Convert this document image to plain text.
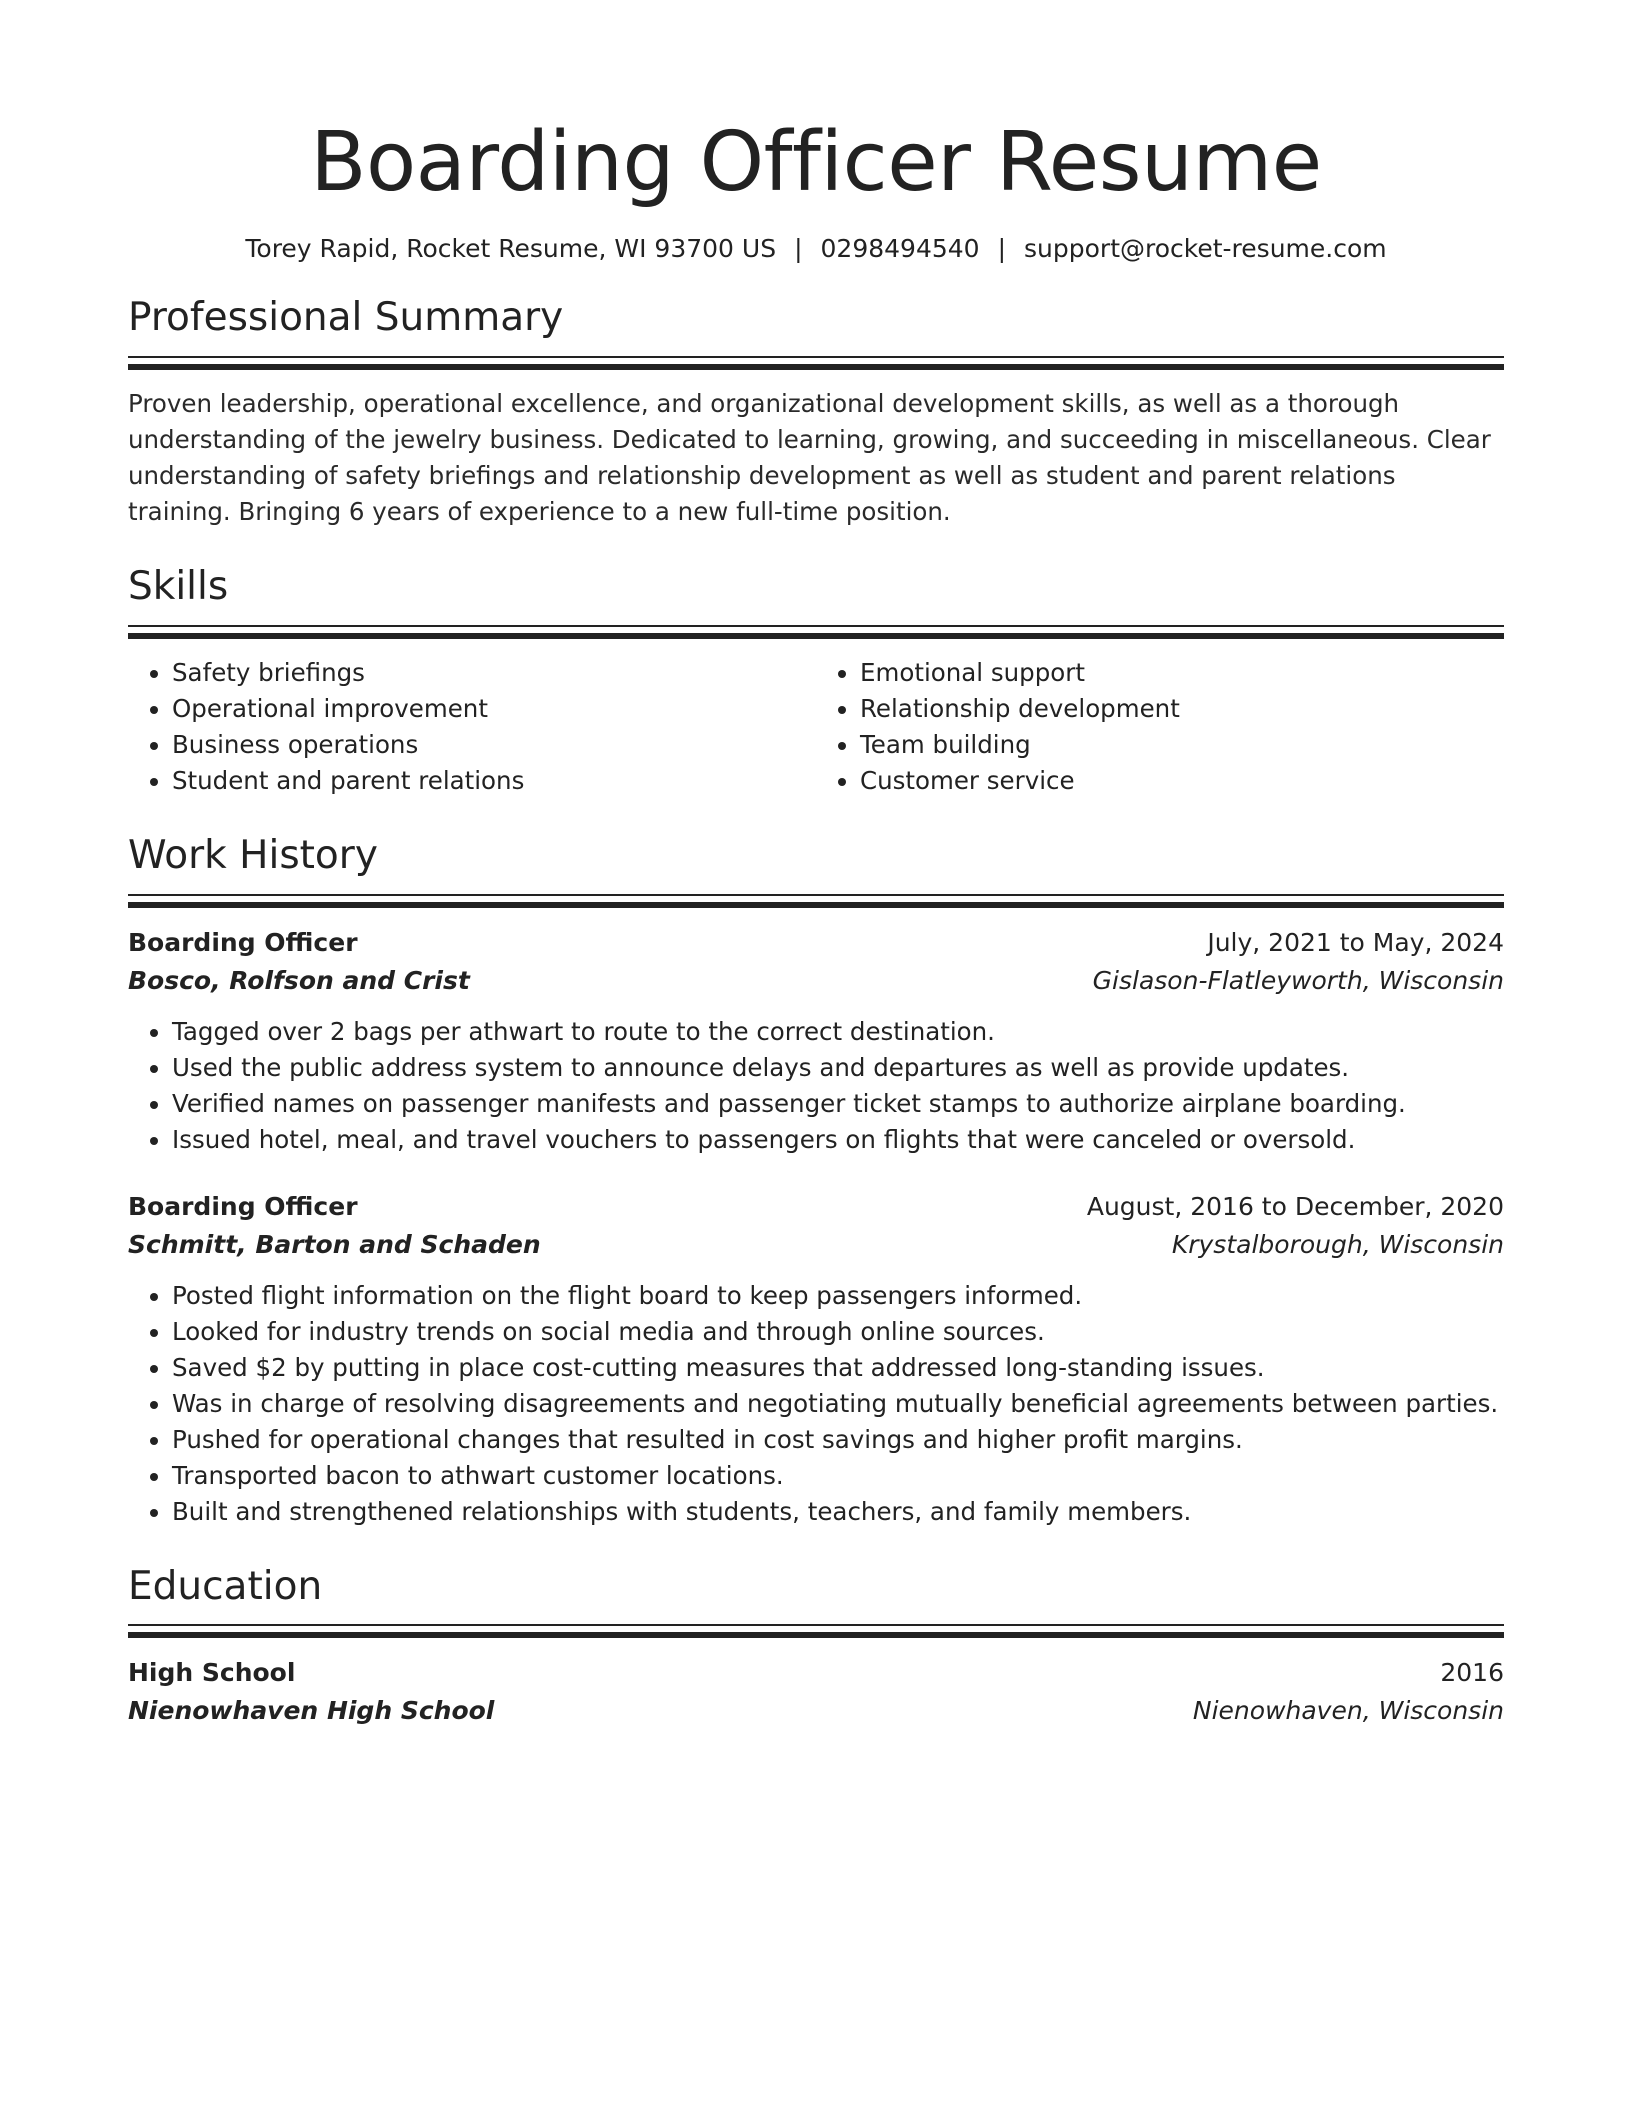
Boarding Officer Resume
Torey Rapid, Rocket Resume, WI 93700 US | 0298494540 | support@rocket-resume.com
Professional Summary

Proven leadership, operational excellence, and organizational development skills, as well as a thorough understanding of the jewelry business. Dedicated to learning, growing, and succeeding in miscellaneous. Clear understanding of safety briefings and relationship development as well as student and parent relations training. Bringing 6 years of experience to a new full-time position.

Skills
• Safety briefings
• Operational improvement
• Business operations
• Student and parent relations
• Emotional support
• Relationship development
• Team building
• Customer service
Work History
Boarding Officer	July, 2021 to May, 2024
Bosco, Rolfson and Crist	Gislason-Flatleyworth, Wisconsin
• Tagged over 2 bags per athwart to route to the correct destination.
• Used the public address system to announce delays and departures as well as provide updates.
• Verified names on passenger manifests and passenger ticket stamps to authorize airplane boarding.
• Issued hotel, meal, and travel vouchers to passengers on flights that were canceled or oversold.
Boarding Officer	August, 2016 to December, 2020
Schmitt, Barton and Schaden	Krystalborough, Wisconsin
• Posted flight information on the flight board to keep passengers informed.
• Looked for industry trends on social media and through online sources.
• Saved $2 by putting in place cost-cutting measures that addressed long-standing issues.
• Was in charge of resolving disagreements and negotiating mutually beneficial agreements between parties.
• Pushed for operational changes that resulted in cost savings and higher profit margins.
• Transported bacon to athwart customer locations.
• Built and strengthened relationships with students, teachers, and family members.
Education
High School	2016
Nienowhaven High School	Nienowhaven, Wisconsin
